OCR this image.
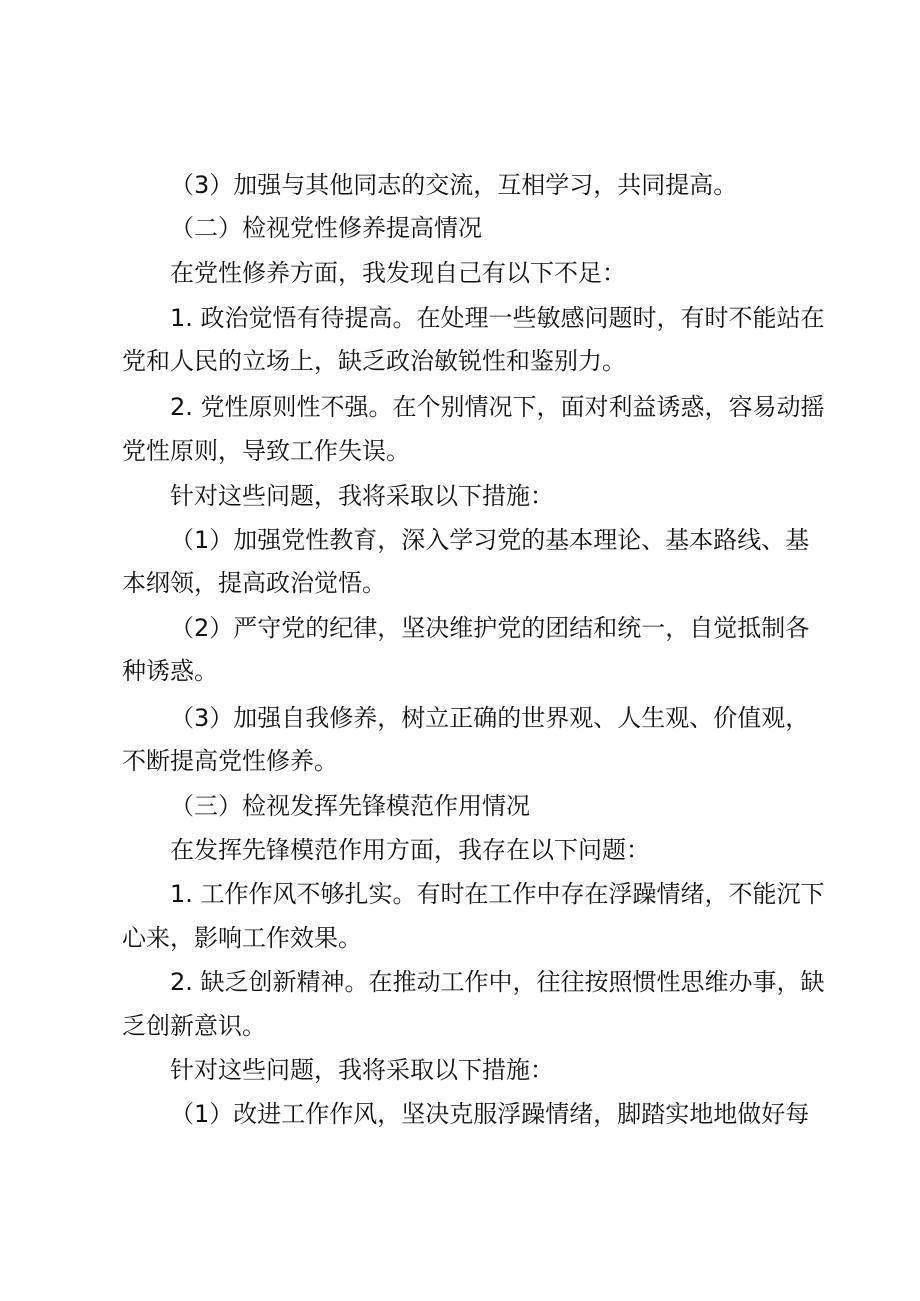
（3）加强与其他同志的交流，互相学习，共同提高。
（二）检视党性修养提高情况
在党性修养方面，我发现自己有以下不足：
1. 政治觉悟有待提高。在处理一些敏感问题时，有时不能站在
党和人民的立场上，缺乏政治敏锐性和鉴别力。
2. 党性原则性不强。在个别情况下，面对利益诱惑，容易动摇
党性原则，导致工作失误。
针对这些问题，我将采取以下措施：
（1）加强党性教育，深入学习党的基本理论、基本路线、基
本纲领，提高政治觉悟。
（2）严守党的纪律，坚决维护党的团结和统一，自觉抵制各
种诱惑。
（3）加强自我修养，树立正确的世界观、人生观、价值观，
不断提高党性修养。
（三）检视发挥先锋模范作用情况
在发挥先锋模范作用方面，我存在以下问题：
1. 工作作风不够扎实。有时在工作中存在浮躁情绪，不能沉下
心来，影响工作效果。
2. 缺乏创新精神。在推动工作中，往往按照惯性思维办事，缺
乏创新意识。
针对这些问题，我将采取以下措施：
（1）改进工作作风，坚决克服浮躁情绪，脚踏实地地做好每
